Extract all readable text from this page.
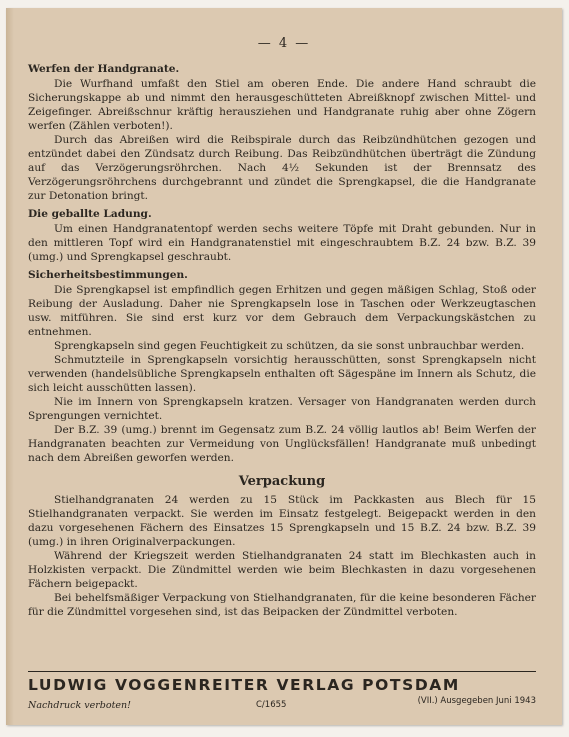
— 4 —

Werfen der Handgranate.

Die Wurfhand umfaßt den Stiel am oberen Ende. Die andere Hand schraubt die Sicherungskappe ab und nimmt den herausgeschütteten Abreißknopf zwischen Mittel- und Zeigefinger. Abreißschnur kräftig herausziehen und Handgranate ruhig aber ohne Zögern werfen (Zählen verboten!).

Durch das Abreißen wird die Reibspirale durch das Reibzündhütchen gezogen und entzündet dabei den Zündsatz durch Reibung. Das Reibzündhütchen überträgt die Zündung auf das Verzögerungsröhrchen. Nach 4½ Sekunden ist der Brennsatz des Verzögerungsröhrchens durchgebrannt und zündet die Sprengkapsel, die die Handgranate zur Detonation bringt.

Die geballte Ladung.

Um einen Handgranatentopf werden sechs weitere Töpfe mit Draht gebunden. Nur in den mittleren Topf wird ein Handgranatenstiel mit eingeschraubtem B.Z. 24 bzw. B.Z. 39 (umg.) und Sprengkapsel geschraubt.

Sicherheitsbestimmungen.

Die Sprengkapsel ist empfindlich gegen Erhitzen und gegen mäßigen Schlag, Stoß oder Reibung der Ausladung. Daher nie Sprengkapseln lose in Taschen oder Werkzeugtaschen usw. mitführen. Sie sind erst kurz vor dem Gebrauch dem Verpackungskästchen zu entnehmen.

Sprengkapseln sind gegen Feuchtigkeit zu schützen, da sie sonst unbrauchbar werden.

Schmutzteile in Sprengkapseln vorsichtig herausschütten, sonst Sprengkapseln nicht verwenden (handelsübliche Sprengkapseln enthalten oft Sägespäne im Innern als Schutz, die sich leicht ausschütten lassen).

Nie im Innern von Sprengkapseln kratzen. Versager von Handgranaten werden durch Sprengungen vernichtet.

Der B.Z. 39 (umg.) brennt im Gegensatz zum B.Z. 24 völlig lautlos ab! Beim Werfen der Handgranaten beachten zur Vermeidung von Unglücksfällen! Handgranate muß unbedingt nach dem Abreißen geworfen werden.

Verpackung

Stielhandgranaten 24 werden zu 15 Stück im Packkasten aus Blech für 15 Stielhandgranaten verpackt. Sie werden im Einsatz festgelegt. Beigepackt werden in den dazu vorgesehenen Fächern des Einsatzes 15 Sprengkapseln und 15 B.Z. 24 bzw. B.Z. 39 (umg.) in ihren Originalverpackungen.

Während der Kriegszeit werden Stielhandgranaten 24 statt im Blechkasten auch in Holzkisten verpackt. Die Zündmittel werden wie beim Blechkasten in dazu vorgesehenen Fächern beigepackt.

Bei behelfsmäßiger Verpackung von Stielhandgranaten, für die keine besonderen Fächer für die Zündmittel vorgesehen sind, ist das Beipacken der Zündmittel verboten.

LUDWIG VOGGENREITER VERLAG POTSDAM
Nachdruck verboten!	C/1655	(VII.) Ausgegeben Juni 1943
